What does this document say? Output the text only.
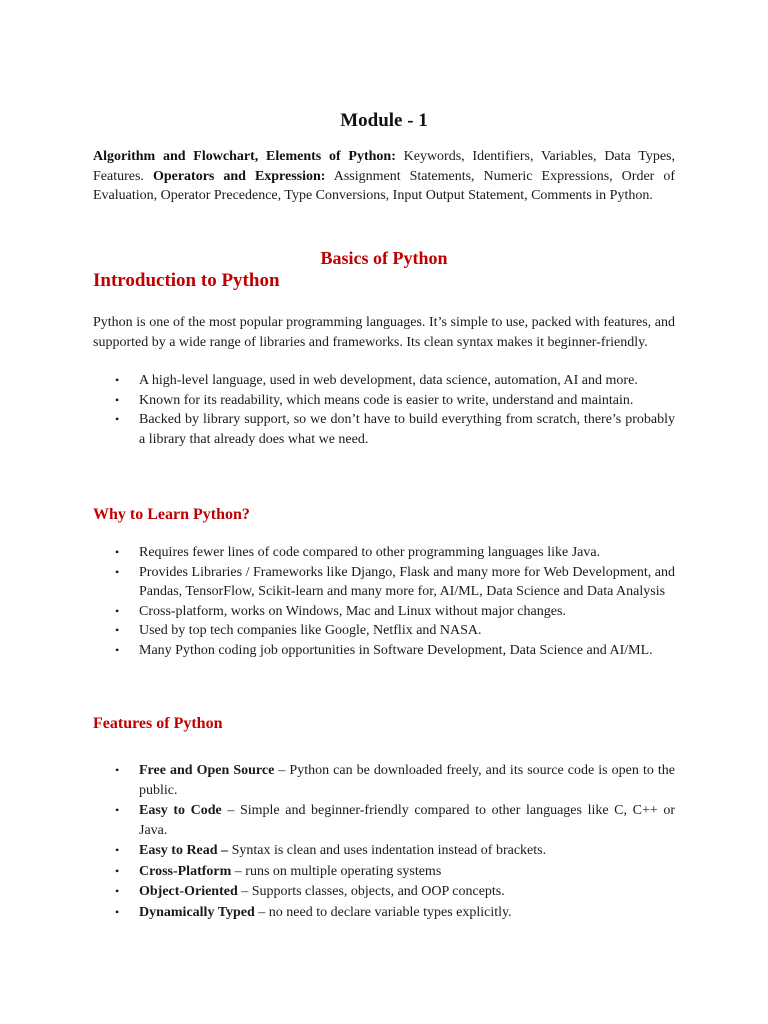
Module - 1
Algorithm and Flowchart, Elements of Python: Keywords, Identifiers, Variables, Data Types, Features. Operators and Expression: Assignment Statements, Numeric Expressions, Order of Evaluation, Operator Precedence, Type Conversions, Input Output Statement, Comments in Python.
Basics of Python
Introduction to Python
Python is one of the most popular programming languages. It’s simple to use, packed with features, and supported by a wide range of libraries and frameworks. Its clean syntax makes it beginner-friendly.
• A high-level language, used in web development, data science, automation, AI and more.
• Known for its readability, which means code is easier to write, understand and maintain.
• Backed by library support, so we don’t have to build everything from scratch, there’s probably a library that already does what we need.
Why to Learn Python?
• Requires fewer lines of code compared to other programming languages like Java.
• Provides Libraries / Frameworks like Django, Flask and many more for Web Development, and Pandas, TensorFlow, Scikit-learn and many more for, AI/ML, Data Science and Data Analysis
• Cross-platform, works on Windows, Mac and Linux without major changes.
• Used by top tech companies like Google, Netflix and NASA.
• Many Python coding job opportunities in Software Development, Data Science and AI/ML.
Features of Python
• Free and Open Source – Python can be downloaded freely, and its source code is open to the public.
• Easy to Code – Simple and beginner-friendly compared to other languages like C, C++ or Java.
• Easy to Read – Syntax is clean and uses indentation instead of brackets.
• Cross-Platform – runs on multiple operating systems
• Object-Oriented – Supports classes, objects, and OOP concepts.
• Dynamically Typed – no need to declare variable types explicitly.
